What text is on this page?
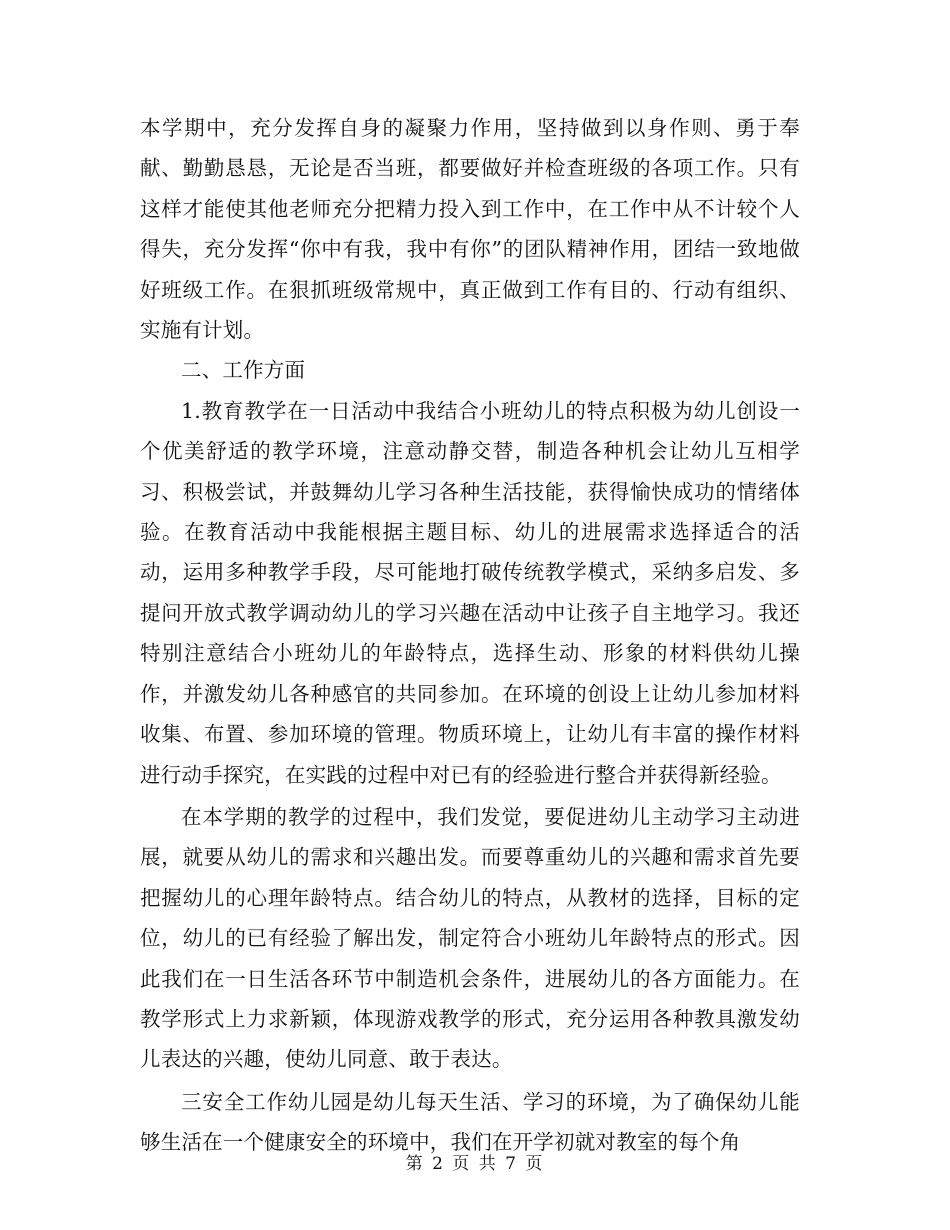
本学期中，充分发挥自身的凝聚力作用，坚持做到以身作则、勇于奉献、勤勤恳恳，无论是否当班，都要做好并检查班级的各项工作。只有这样才能使其他老师充分把精力投入到工作中，在工作中从不计较个人得失，充分发挥“你中有我，我中有你”的团队精神作用，团结一致地做好班级工作。在狠抓班级常规中，真正做到工作有目的、行动有组织、实施有计划。

二、工作方面

1.教育教学在一日活动中我结合小班幼儿的特点积极为幼儿创设一个优美舒适的教学环境，注意动静交替，制造各种机会让幼儿互相学习、积极尝试，并鼓舞幼儿学习各种生活技能，获得愉快成功的情绪体验。在教育活动中我能根据主题目标、幼儿的进展需求选择适合的活动，运用多种教学手段，尽可能地打破传统教学模式，采纳多启发、多提问开放式教学调动幼儿的学习兴趣在活动中让孩子自主地学习。我还特别注意结合小班幼儿的年龄特点，选择生动、形象的材料供幼儿操作，并激发幼儿各种感官的共同参加。在环境的创设上让幼儿参加材料收集、布置、参加环境的管理。物质环境上，让幼儿有丰富的操作材料进行动手探究，在实践的过程中对已有的经验进行整合并获得新经验。

在本学期的教学的过程中，我们发觉，要促进幼儿主动学习主动进展，就要从幼儿的需求和兴趣出发。而要尊重幼儿的兴趣和需求首先要把握幼儿的心理年龄特点。结合幼儿的特点，从教材的选择，目标的定位，幼儿的已有经验了解出发，制定符合小班幼儿年龄特点的形式。因此我们在一日生活各环节中制造机会条件，进展幼儿的各方面能力。在教学形式上力求新颖，体现游戏教学的形式，充分运用各种教具激发幼儿表达的兴趣，使幼儿同意、敢于表达。

三安全工作幼儿园是幼儿每天生活、学习的环境，为了确保幼儿能够生活在一个健康安全的环境中，我们在开学初就对教室的每个角

第 2 页 共 7 页
